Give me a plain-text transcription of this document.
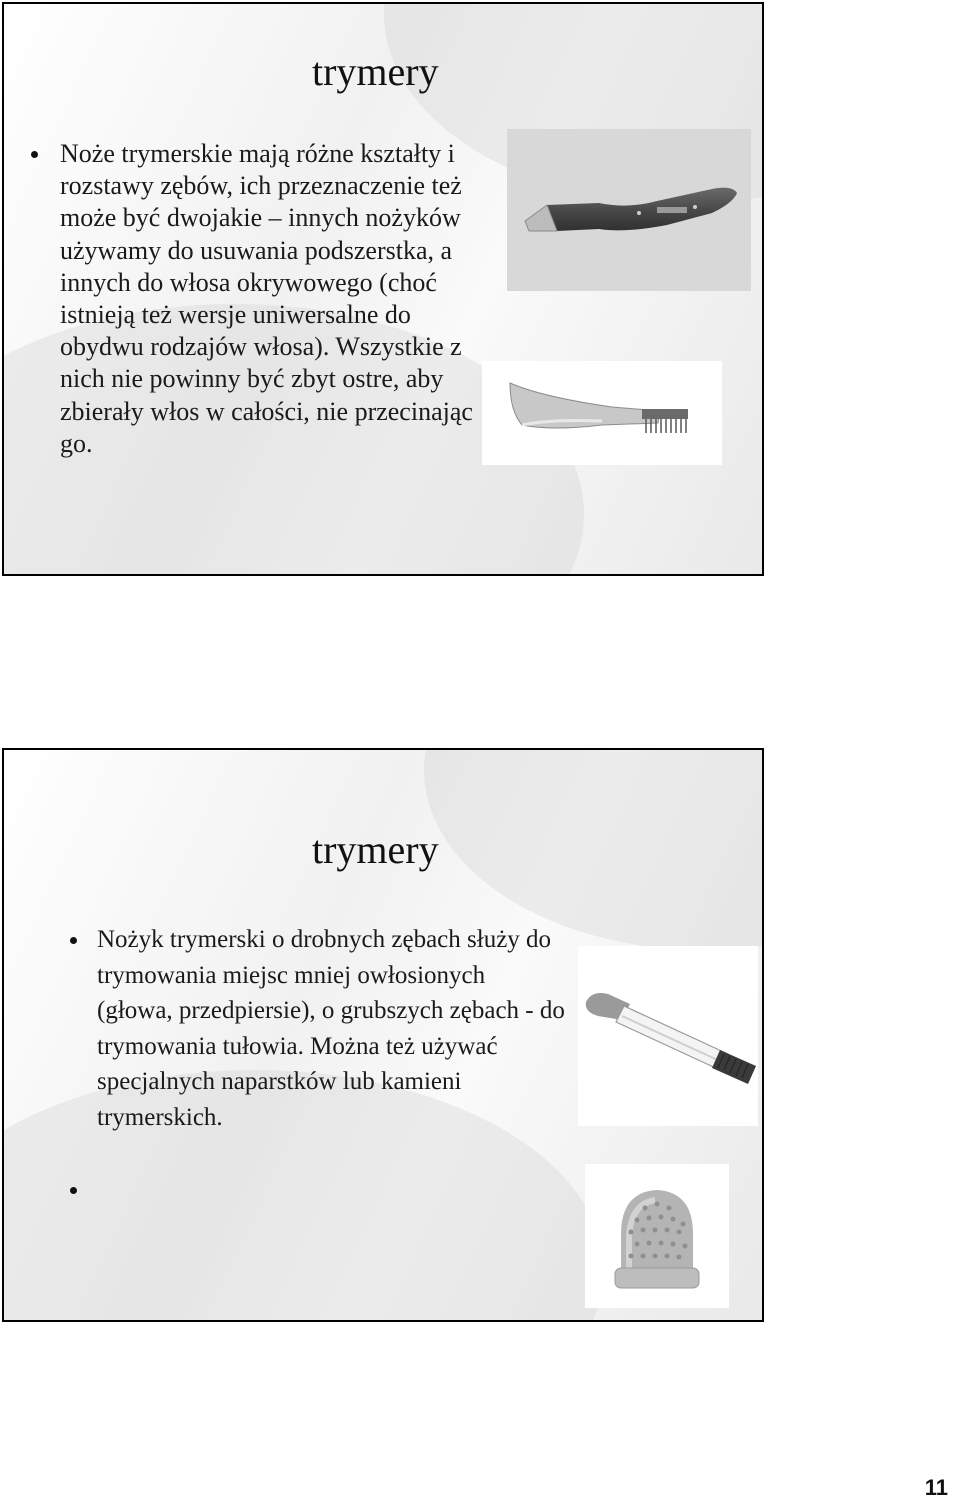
trymery
Noże trymerskie mają różne kształty i rozstawy zębów, ich przeznaczenie też może być dwojakie – innych nożyków używamy do usuwania podszerstka, a innych do włosa okrywowego (choć istnieją też wersje uniwersalne do obydwu rodzajów włosa). Wszystkie z nich nie powinny być zbyt ostre, aby zbierały włos w całości, nie przecinając go.
trymery
Nożyk trymerski o drobnych zębach służy do trymowania miejsc mniej owłosionych (głowa, przedpiersie), o grubszych zębach - do trymowania tułowia. Można też używać specjalnych naparstków lub kamieni trymerskich.
11
